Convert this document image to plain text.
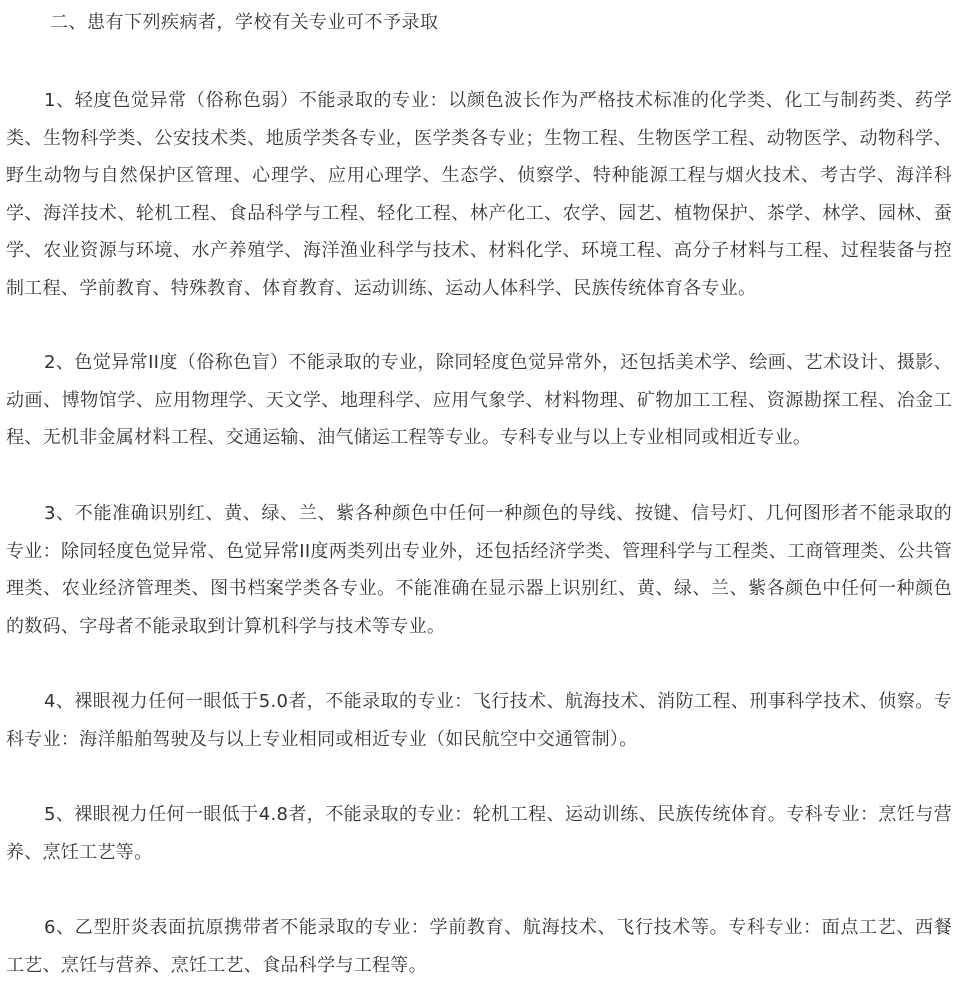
二、患有下列疾病者，学校有关专业可不予录取

1、轻度色觉异常（俗称色弱）不能录取的专业：以颜色波长作为严格技术标准的化学类、化工与制药类、药学类、生物科学类、公安技术类、地质学类各专业，医学类各专业；生物工程、生物医学工程、动物医学、动物科学、野生动物与自然保护区管理、心理学、应用心理学、生态学、侦察学、特种能源工程与烟火技术、考古学、海洋科学、海洋技术、轮机工程、食品科学与工程、轻化工程、林产化工、农学、园艺、植物保护、茶学、林学、园林、蚕学、农业资源与环境、水产养殖学、海洋渔业科学与技术、材料化学、环境工程、高分子材料与工程、过程装备与控制工程、学前教育、特殊教育、体育教育、运动训练、运动人体科学、民族传统体育各专业。

2、色觉异常II度（俗称色盲）不能录取的专业，除同轻度色觉异常外，还包括美术学、绘画、艺术设计、摄影、动画、博物馆学、应用物理学、天文学、地理科学、应用气象学、材料物理、矿物加工工程、资源勘探工程、冶金工程、无机非金属材料工程、交通运输、油气储运工程等专业。专科专业与以上专业相同或相近专业。

3、不能准确识别红、黄、绿、兰、紫各种颜色中任何一种颜色的导线、按键、信号灯、几何图形者不能录取的专业：除同轻度色觉异常、色觉异常II度两类列出专业外，还包括经济学类、管理科学与工程类、工商管理类、公共管理类、农业经济管理类、图书档案学类各专业。不能准确在显示器上识别红、黄、绿、兰、紫各颜色中任何一种颜色的数码、字母者不能录取到计算机科学与技术等专业。

4、裸眼视力任何一眼低于5.0者，不能录取的专业：飞行技术、航海技术、消防工程、刑事科学技术、侦察。专科专业：海洋船舶驾驶及与以上专业相同或相近专业（如民航空中交通管制）。

5、裸眼视力任何一眼低于4.8者，不能录取的专业：轮机工程、运动训练、民族传统体育。专科专业：烹饪与营养、烹饪工艺等。

6、乙型肝炎表面抗原携带者不能录取的专业：学前教育、航海技术、飞行技术等。专科专业：面点工艺、西餐工艺、烹饪与营养、烹饪工艺、食品科学与工程等。
